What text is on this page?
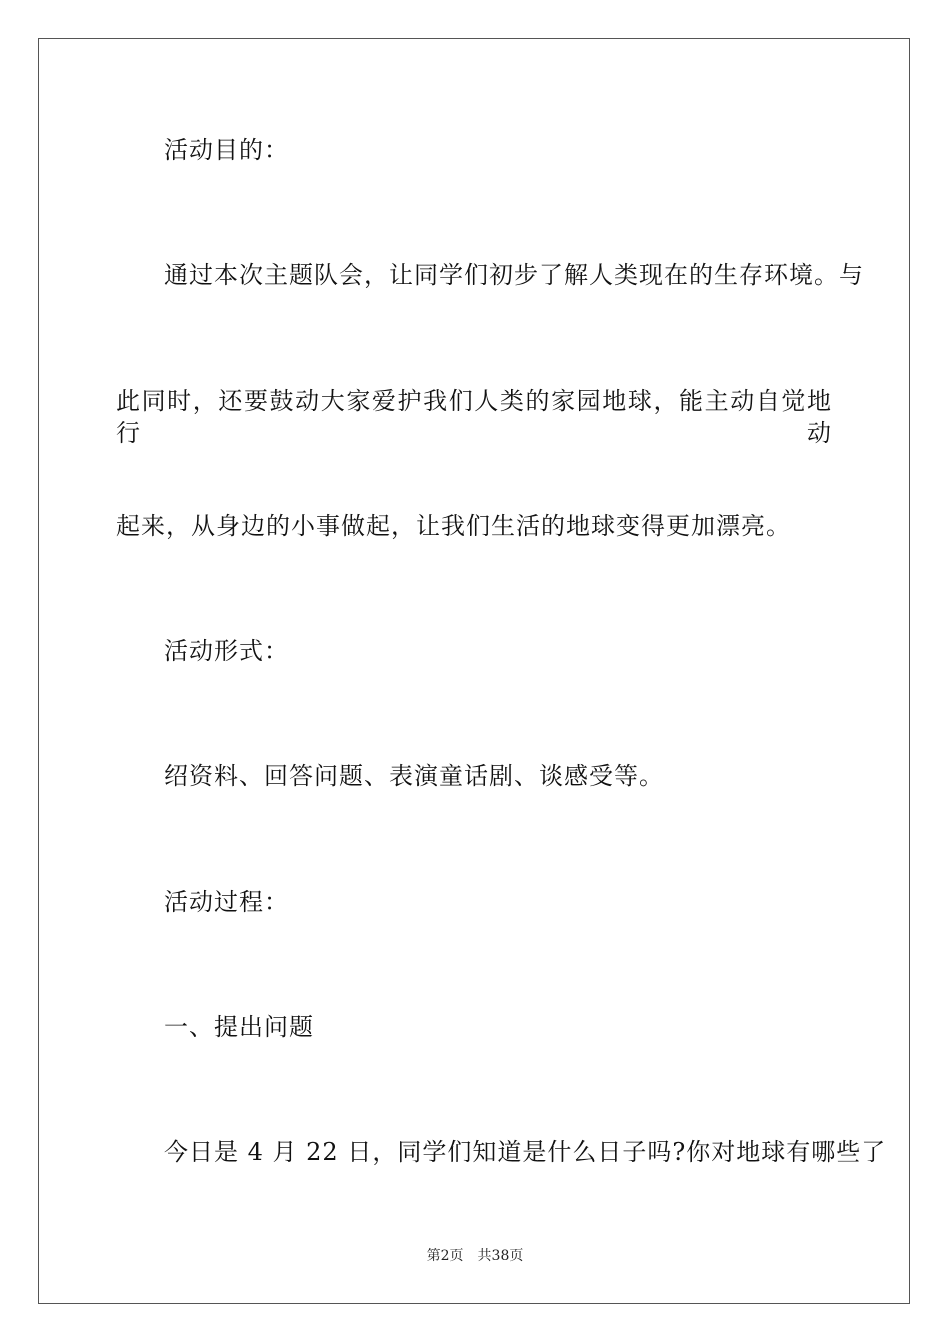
活动目的：
通过本次主题队会，让同学们初步了解人类现在的生存环境。与
此同时，还要鼓动大家爱护我们人类的家园地球，能主动自觉地行动
起来，从身边的小事做起，让我们生活的地球变得更加漂亮。
活动形式：
绍资料、回答问题、表演童话剧、谈感受等。
活动过程：
一、提出问题
今日是 4 月 22 日，同学们知道是什么日子吗?你对地球有哪些了
第2页 共38页
